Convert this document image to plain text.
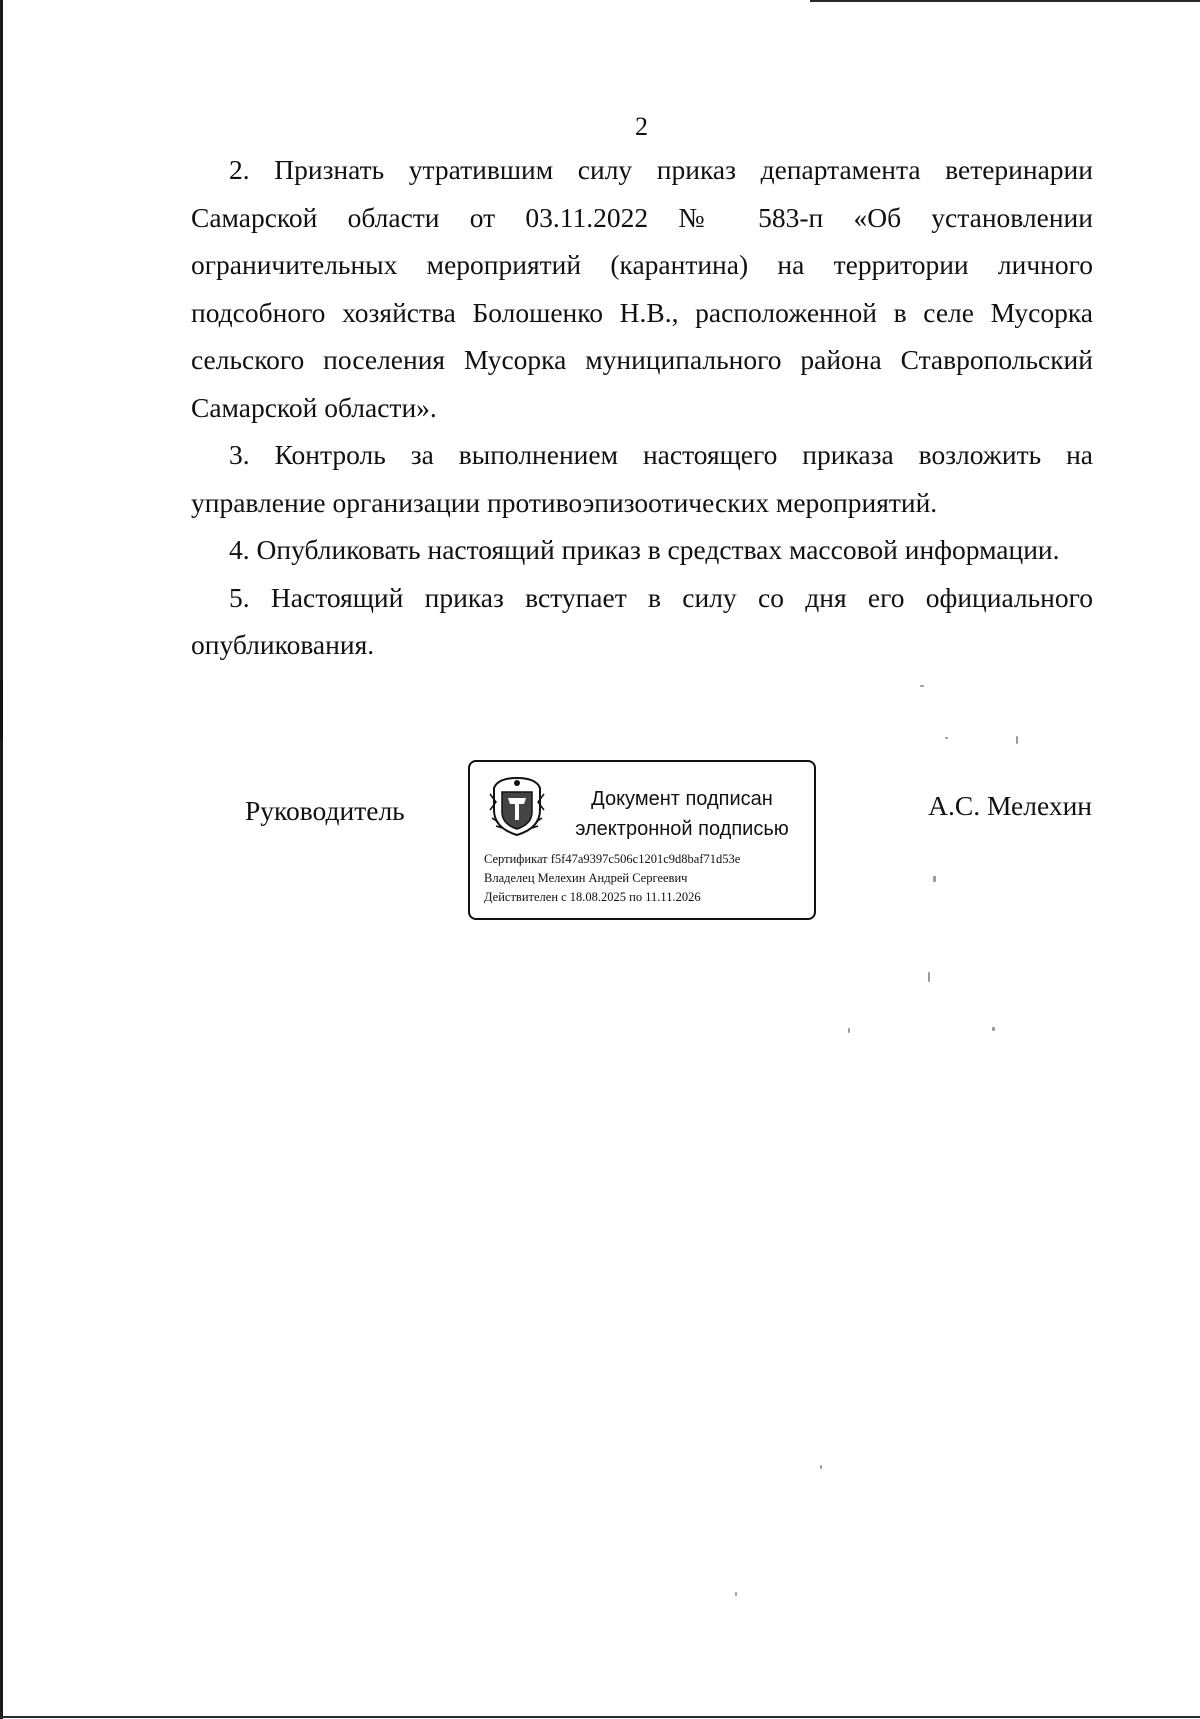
2

2. Признать утратившим силу приказ департамента ветеринарии Самарской области от 03.11.2022 № 583-п «Об установлении ограничительных мероприятий (карантина) на территории личного подсобного хозяйства Болошенко Н.В., расположенной в селе Мусорка сельского поселения Мусорка муниципального района Ставропольский Самарской области».

3. Контроль за выполнением настоящего приказа возложить на управление организации противоэпизоотических мероприятий.

4. Опубликовать настоящий приказ в средствах массовой информации.

5. Настоящий приказ вступает в силу со дня его официального опубликования.

Руководитель	Документ подписан
электронной подписью
Сертификат f5f47a9397c506c1201c9d8baf71d53e
Владелец Мелехин Андрей Сергеевич
Действителен с 18.08.2025 по 11.11.2026
А.С. Мелехин
